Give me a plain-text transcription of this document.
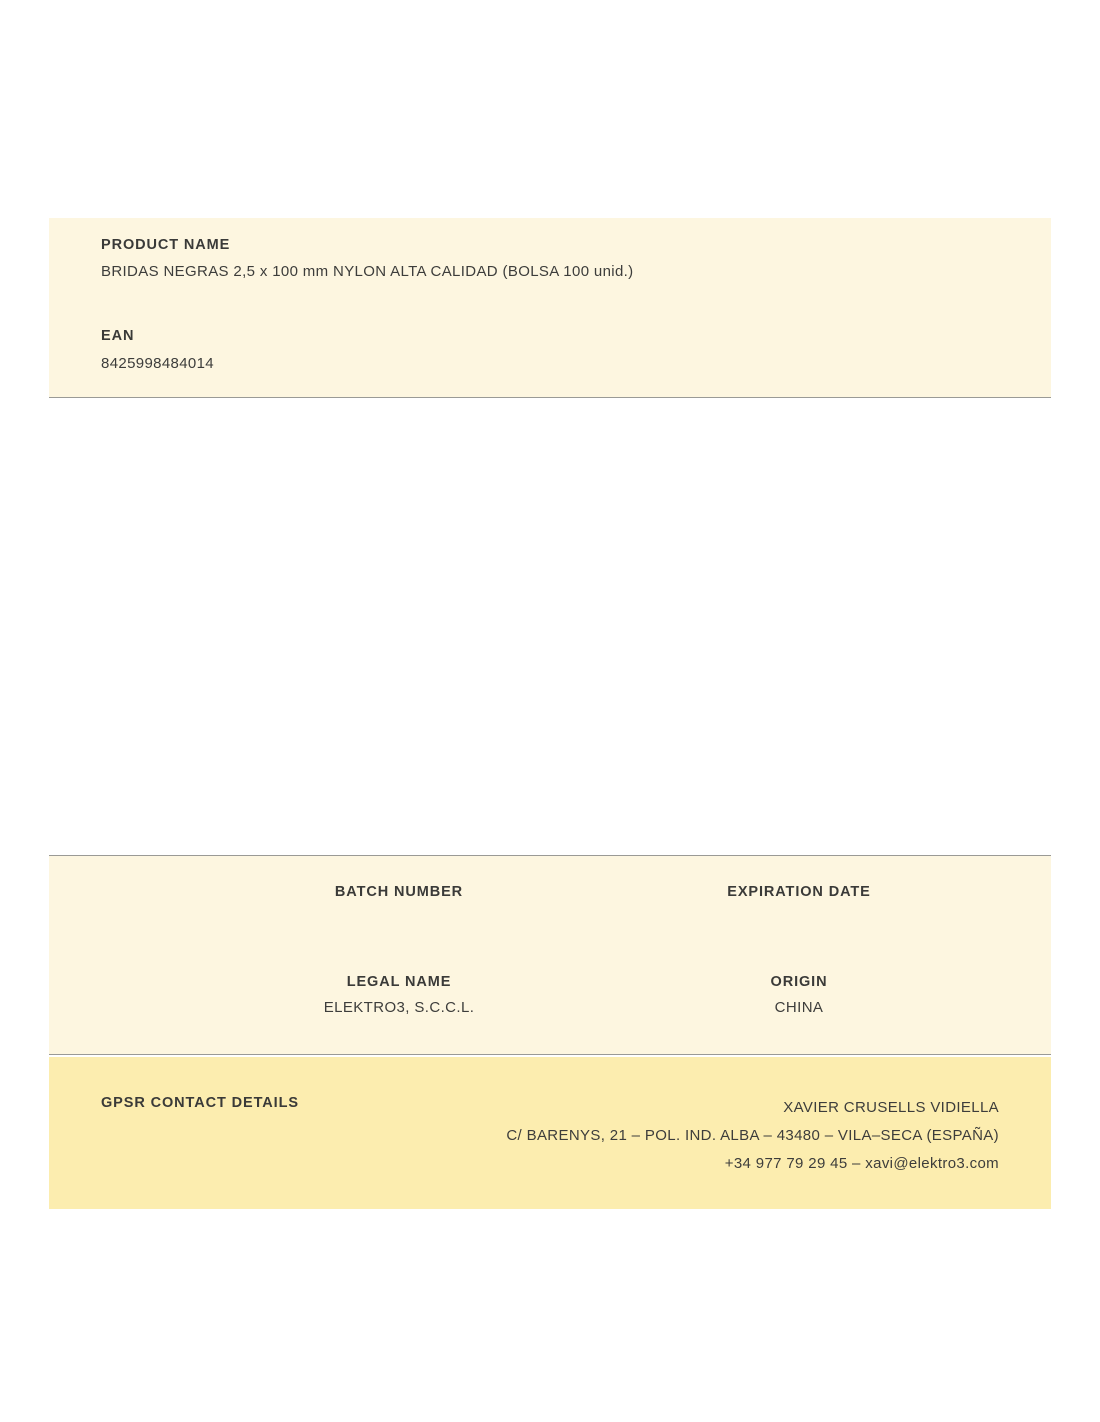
PRODUCT NAME
BRIDAS NEGRAS 2,5 x 100 mm NYLON ALTA CALIDAD (BOLSA 100 unid.)
EAN
8425998484014
BATCH NUMBER	EXPIRATION DATE
LEGAL NAME
ELEKTRO3, S.C.C.L.
ORIGIN
CHINA
GPSR CONTACT DETAILS	XAVIER CRUSELLS VIDIELLA
C/ BARENYS, 21 – POL. IND. ALBA – 43480 – VILA–SECA (ESPAÑA)
+34 977 79 29 45 – xavi@elektro3.com
